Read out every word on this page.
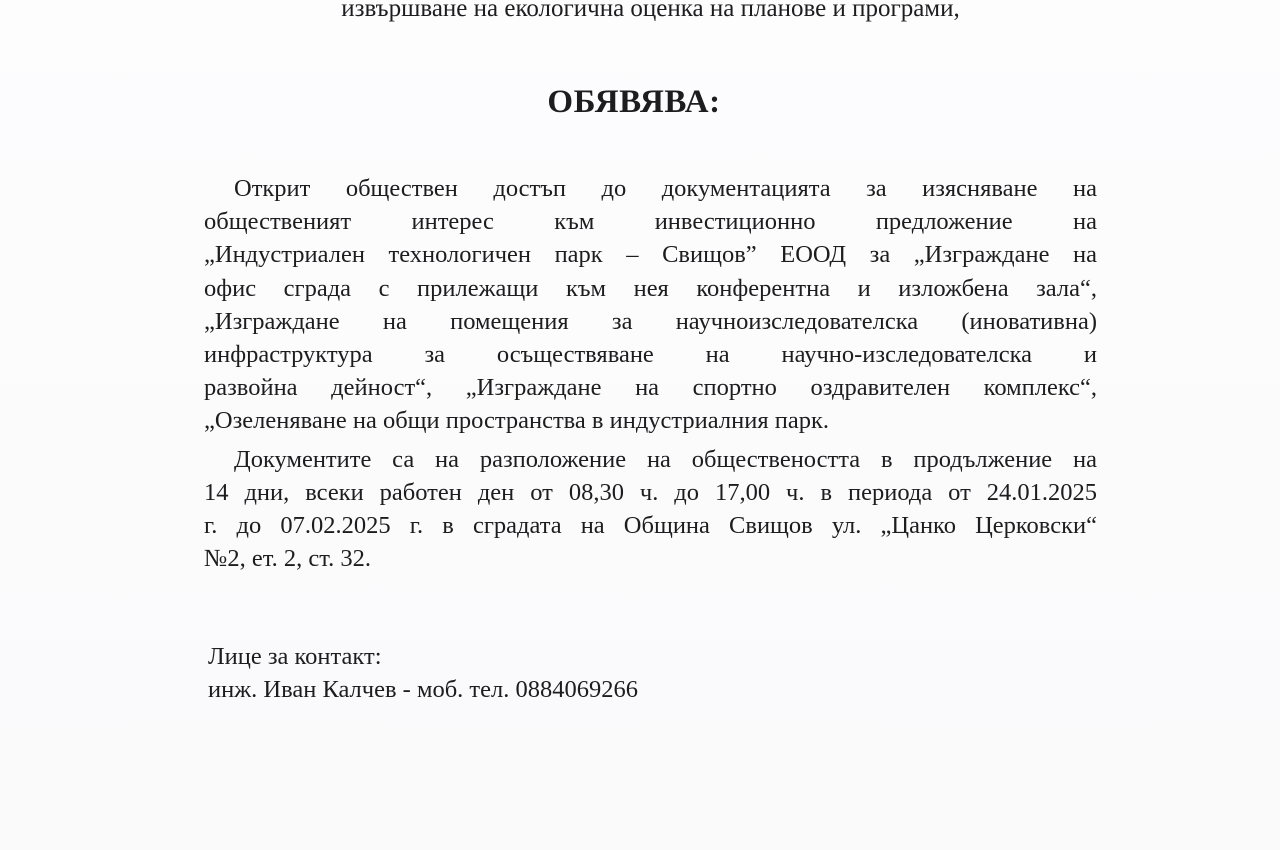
извършване на екологична оценка на планове и програми,
ОБЯВЯВА:
Открит обществен достъп до документацията за изясняване на
общественият интерес към инвестиционно предложение на
„Индустриален технологичен парк – Свищов” ЕООД за „Изграждане на
офис сграда с прилежащи към нея конферентна и изложбена зала“,
„Изграждане на помещения за научноизследователска (иновативна)
инфраструктура за осъществяване на научно-изследователска и
развойна дейност“, „Изграждане на спортно оздравителен комплекс“,
„Озеленяване на общи пространства в индустриалния парк.
Документите са на разположение на обществеността в продължение на
14 дни, всеки работен ден от 08,30 ч. до 17,00 ч. в периода от 24.01.2025
г. до 07.02.2025 г. в сградата на Община Свищов ул. „Цанко Церковски“
№2, ет. 2, ст. 32.
Лице за контакт:
инж. Иван Калчев - моб. тел. 0884069266
